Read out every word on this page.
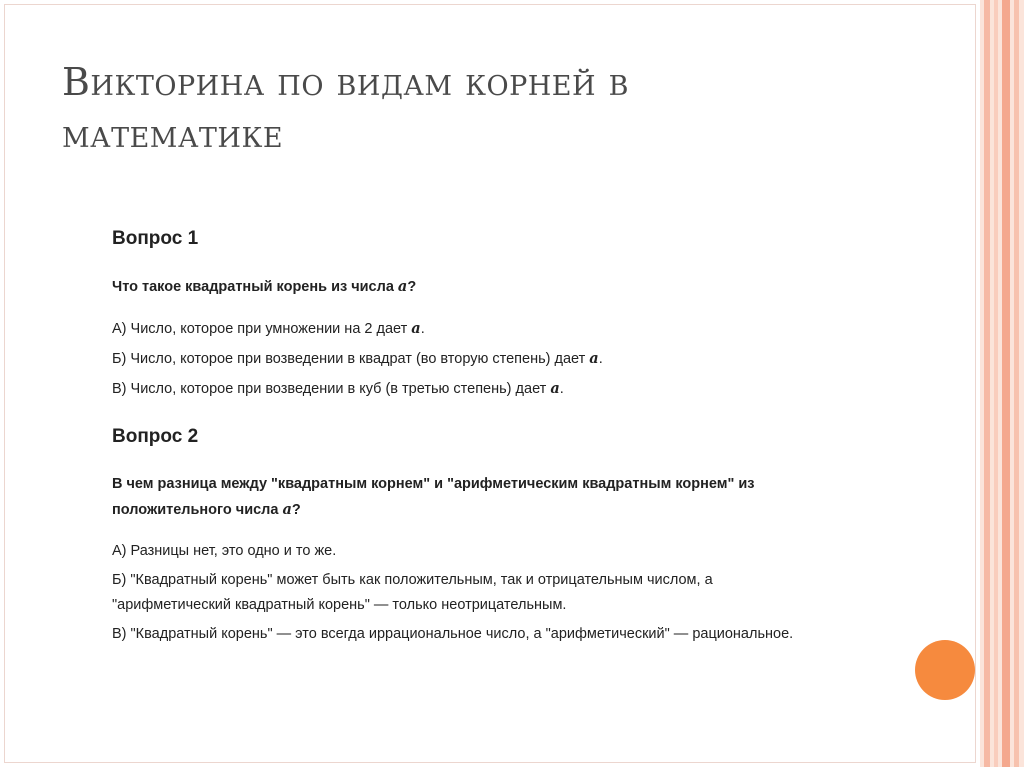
Викторина по видам корней в математике
Вопрос 1
Что такое квадратный корень из числа a?
А) Число, которое при умножении на 2 дает a.
Б) Число, которое при возведении в квадрат (во вторую степень) дает a.
В) Число, которое при возведении в куб (в третью степень) дает a.
Вопрос 2
В чем разница между "квадратным корнем" и "арифметическим квадратным корнем" из положительного числа a?
А) Разницы нет, это одно и то же.
Б) "Квадратный корень" может быть как положительным, так и отрицательным числом, а "арифметический квадратный корень" — только неотрицательным.
В) "Квадратный корень" — это всегда иррациональное число, а "арифметический" — рациональное.
